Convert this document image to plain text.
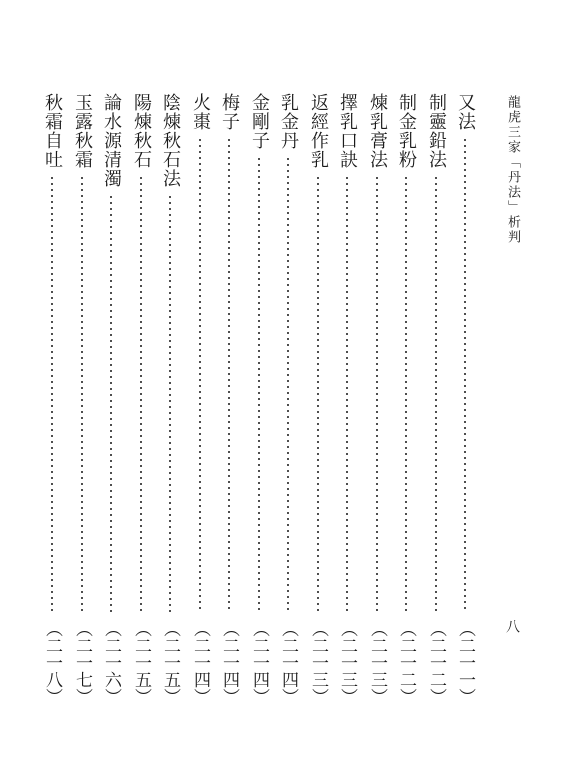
龍虎三家「丹法」析判
八
又法
（二一一）
制靈鉛法
（二一二）
制金乳粉
（二一二）
煉乳膏法
（二一三）
擇乳口訣
（二一三）
返經作乳
（二一三）
乳金丹
（二一四）
金剛子
（二一四）
梅子
（二一四）
火棗
（二一四）
陰煉秋石法
（二一五）
陽煉秋石
（二一五）
論水源清濁
（二一六）
玉露秋霜
（二一七）
秋霜自吐
（二一八）
